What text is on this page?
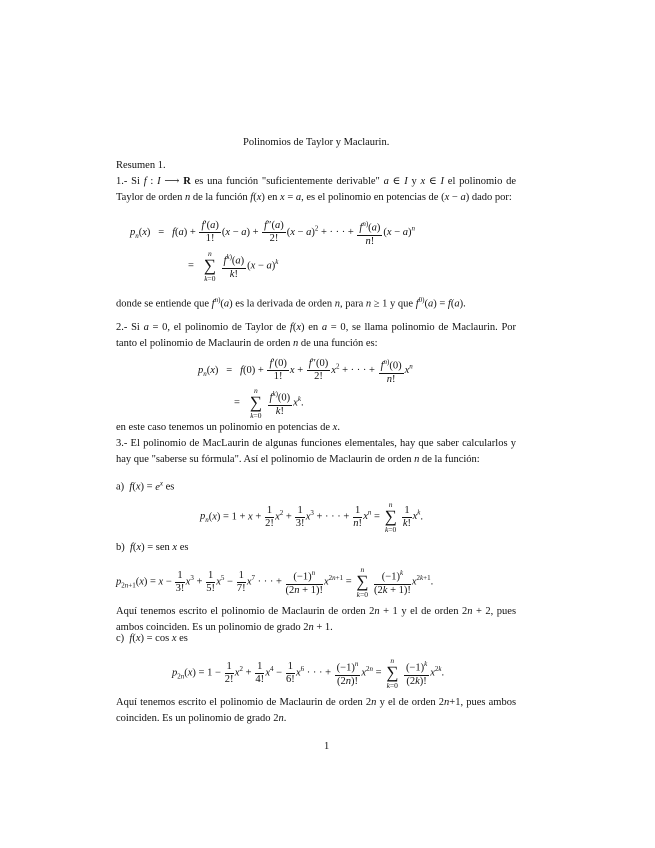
Polinomios de Taylor y Maclaurin.
Resumen 1.
1.- Si f : I ⟶ R es una función "suficientemente derivable" a ∈ I y x ∈ I el polinomio de Taylor de orden n de la función f(x) en x = a, es el polinomio en potencias de (x − a) dado por:
$p_n(x) = f(a) + \frac{f'(a)}{1!} (x - a) + \frac{f''(a)}{2!} (x - a)^2$ + · · · + $\frac{f^{n)}(a)}{n!} (x - a)^n$
=
n
∑
k=0
$\frac{f^{k)}(a)}{k!} (x - a)^k$
donde se entiende que $f^{n)}(a)$ es la derivada de orden n, para n ≥ 1 y que $f^{0)}(a) = f(a)$.
2.- Si a = 0, el polinomio de Taylor de f(x) en a = 0, se llama polinomio de Maclaurin. Por tanto el polinomio de Maclaurin de orden n de una función es:
$p_n(x) = f(0) + \frac{f'(0)}{1!}$ $x + \frac{f''(0)}{2!} x^2$ + · · · + $\frac{f^{n)}(0)}{n!} x^n$
=
n
∑
k=0
$\frac{f^{k)}(0)}{k!} x^k$.
en este caso tenemos un polinomio en potencias de x.
3.- El polinomio de MacLaurin de algunas funciones elementales, hay que saber calcularlos y hay que "saberse su fórmula". Así el polinomio de Maclaurin de orden n de la función:
a) $f(x) = e^x$ es
$p_n(x) = 1 + x + \frac{1}{2!} x^2 + \frac{1}{3!} x^3$ + · · · + $\frac{1}{n!} x^n$ =
n
∑
k=0
$\frac{1}{k!} x^k$.
b) f(x) = sen x es
$p_{2n+1}(x) = x - \frac{1}{3!} x^3 + \frac{1}{5!} x^5 - \frac{1}{7!} x^7$ · · · + $\frac{(-1)^n}{(2n + 1)!} x^{2n+1}$ =
n
∑
k=0
$\frac{(-1)^k}{(2k + 1)!} x^{2k+1}$.
Aquí tenemos escrito el polinomio de Maclaurin de orden 2n + 1 y el de orden 2n + 2, pues ambos coinciden. Es un polinomio de grado 2n + 1.
c) f(x) = cos x es
$p_{2n}(x) = 1 - \frac{1}{2!} x^2 + \frac{1}{4!} x^4 - \frac{1}{6!} x^6$ · · · + $\frac{(-1)^n}{(2n)!} x^{2n}$ =
n
∑
k=0
$\frac{(-1)^k}{(2k)!} x^{2k}$.
Aquí tenemos escrito el polinomio de Maclaurin de orden 2n y el de orden 2n+1, pues ambos coinciden. Es un polinomio de grado 2n.
1
